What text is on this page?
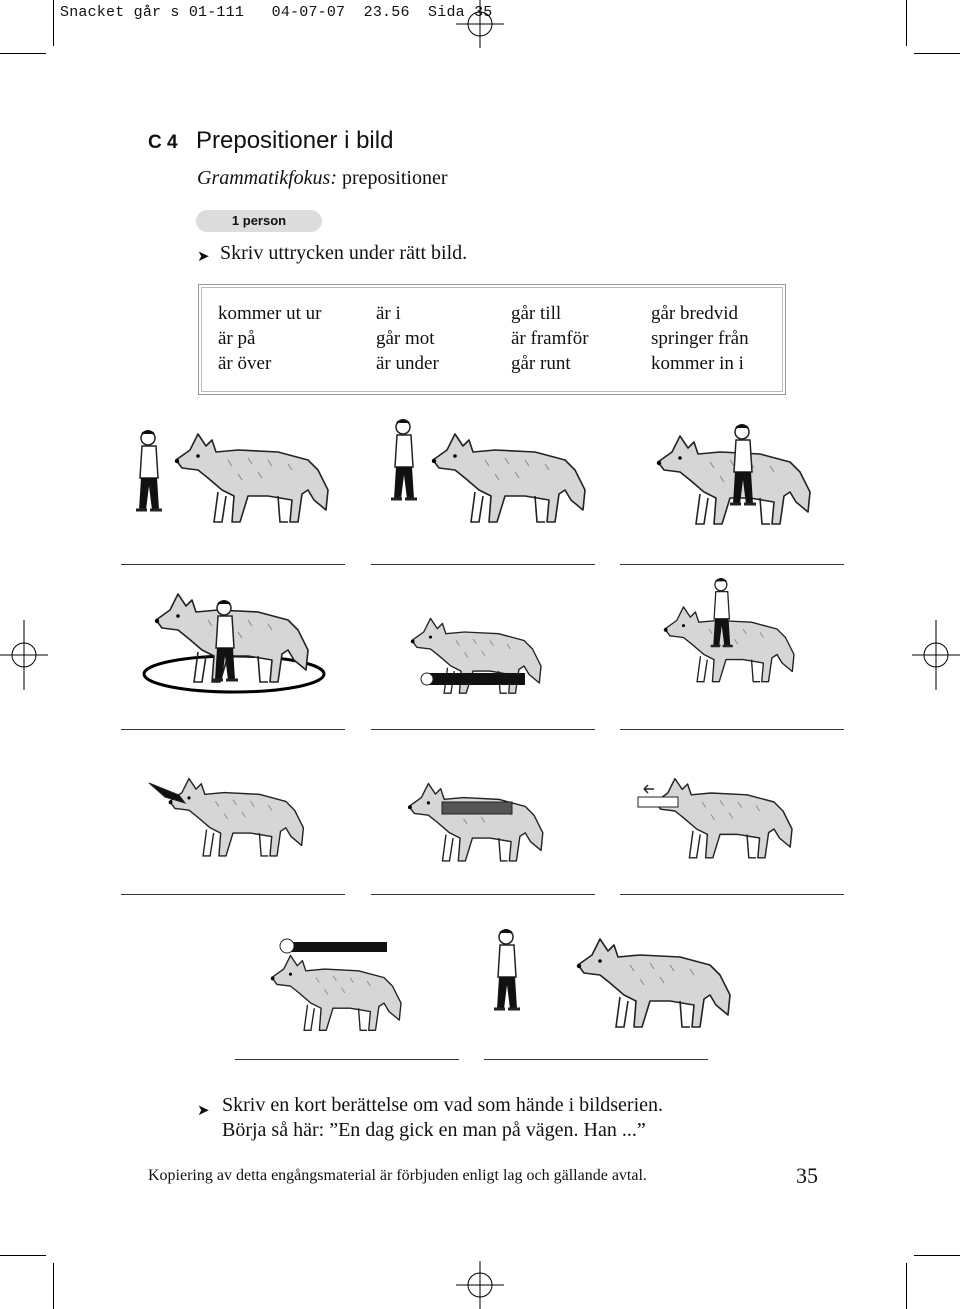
Snacket går s 01-111   04-07-07  23.56  Sida 35
C 4 Prepositioner i bild
Grammatikfokus: prepositioner
1 person
➤ Skriv uttrycken under rätt bild.
kommer ut ur	är i	går till	går bredvid
är på	går mot	är framför	springer från
är över	är under	går runt	kommer in i
➤ Skriv en kort berättelse om vad som hände i bildserien.
Börja så här: ”En dag gick en man på vägen. Han ...”
Kopiering av detta engångsmaterial är förbjuden enligt lag och gällande avtal.	35
